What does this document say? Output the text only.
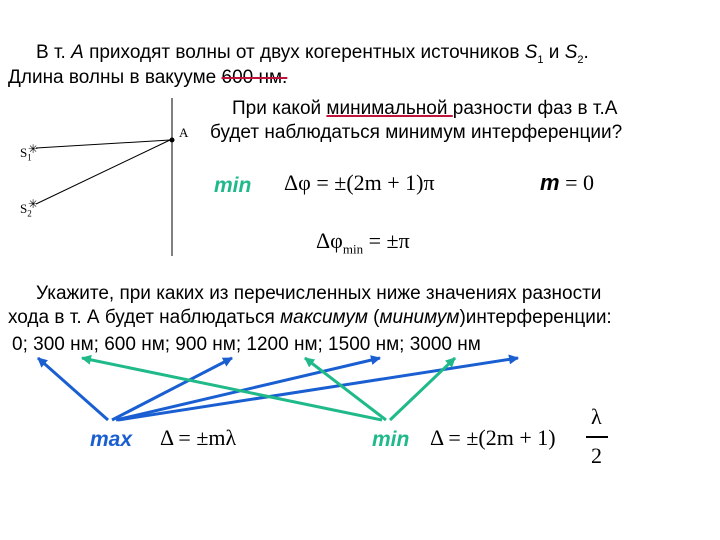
В т. A приходят волны от двух когерентных источников $S_1$ и $S_2$.
Длина волны в вакууме 600 нм.
✳
✳
A
$S_1$
$S_2$
При какой минимальной разности фаз в т.А
будет наблюдаться минимум интерференции?
min Δφ = ±(2m + 1)π	m = 0
$\Delta\varphi_{min} = \pm\pi$
Укажите, при каких из перечисленных ниже значениях разности
хода в т. А будет наблюдаться максимум (минимум)интерференции:
0; 300 нм; 600 нм; 900 нм; 1200 нм; 1500 нм; 3000 нм
max Δ = ±mλ	min Δ = ±(2m + 1)
λ
2
